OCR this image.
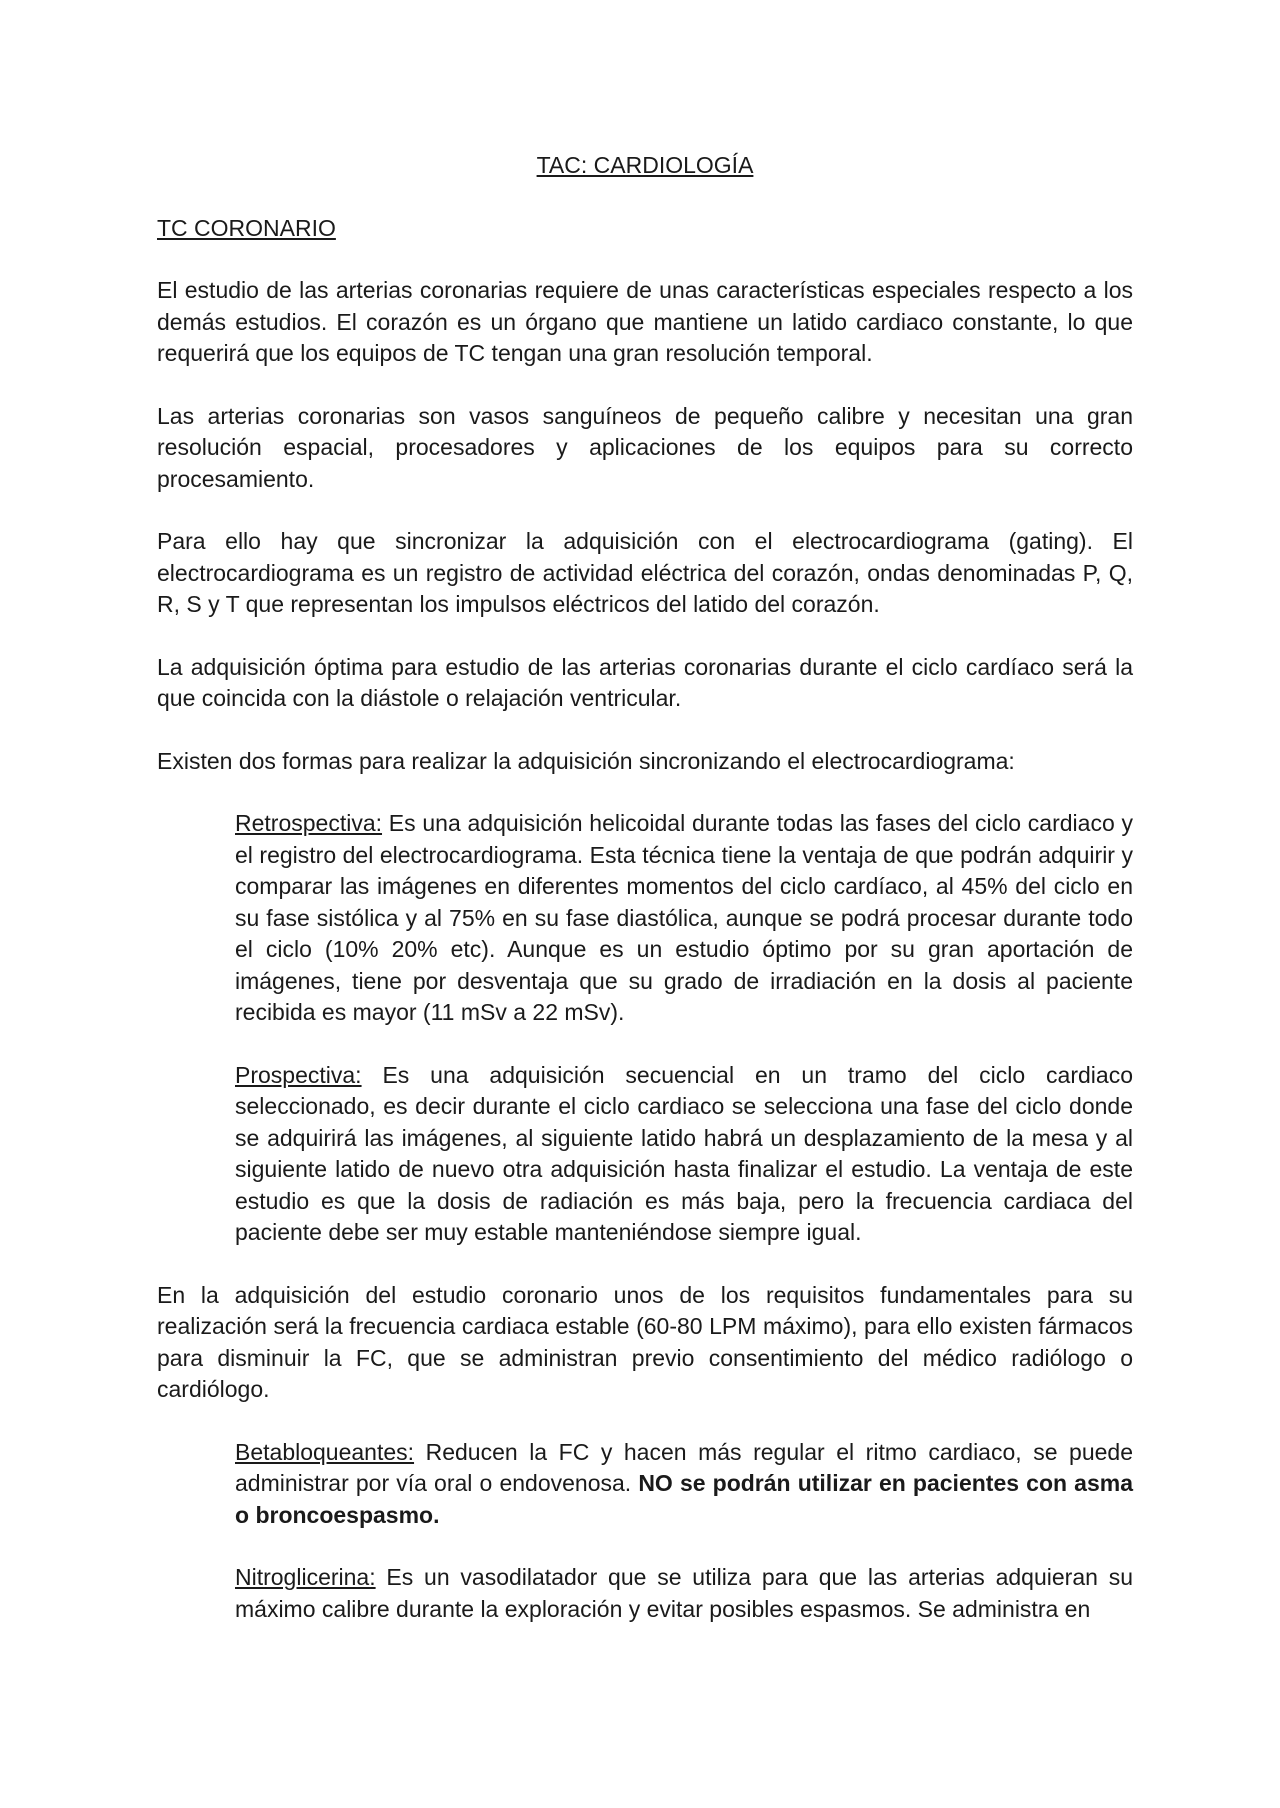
TAC: CARDIOLOGÍA
TC CORONARIO

El estudio de las arterias coronarias requiere de unas características especiales respecto a los demás estudios. El corazón es un órgano que mantiene un latido cardiaco constante, lo que requerirá que los equipos de TC tengan una gran resolución temporal.

Las arterias coronarias son vasos sanguíneos de pequeño calibre y necesitan una gran resolución espacial, procesadores y aplicaciones de los equipos para su correcto procesamiento.

Para ello hay que sincronizar la adquisición con el electrocardiograma (gating). El electrocardiograma es un registro de actividad eléctrica del corazón, ondas denominadas P, Q, R, S y T que representan los impulsos eléctricos del latido del corazón.

La adquisición óptima para estudio de las arterias coronarias durante el ciclo cardíaco será la que coincida con la diástole o relajación ventricular.

Existen dos formas para realizar la adquisición sincronizando el electrocardiograma:

Retrospectiva: Es una adquisición helicoidal durante todas las fases del ciclo cardiaco y el registro del electrocardiograma. Esta técnica tiene la ventaja de que podrán adquirir y comparar las imágenes en diferentes momentos del ciclo cardíaco, al 45% del ciclo en su fase sistólica y al 75% en su fase diastólica, aunque se podrá procesar durante todo el ciclo (10% 20% etc). Aunque es un estudio óptimo por su gran aportación de imágenes, tiene por desventaja que su grado de irradiación en la dosis al paciente recibida es mayor (11 mSv a 22 mSv).

Prospectiva: Es una adquisición secuencial en un tramo del ciclo cardiaco seleccionado, es decir durante el ciclo cardiaco se selecciona una fase del ciclo donde se adquirirá las imágenes, al siguiente latido habrá un desplazamiento de la mesa y al siguiente latido de nuevo otra adquisición hasta finalizar el estudio. La ventaja de este estudio es que la dosis de radiación es más baja, pero la frecuencia cardiaca del paciente debe ser muy estable manteniéndose siempre igual.

En la adquisición del estudio coronario unos de los requisitos fundamentales para su realización será la frecuencia cardiaca estable (60-80 LPM máximo), para ello existen fármacos para disminuir la FC, que se administran previo consentimiento del médico radiólogo o cardiólogo.

Betabloqueantes: Reducen la FC y hacen más regular el ritmo cardiaco, se puede administrar por vía oral o endovenosa. NO se podrán utilizar en pacientes con asma o broncoespasmo.

Nitroglicerina: Es un vasodilatador que se utiliza para que las arterias adquieran su máximo calibre durante la exploración y evitar posibles espasmos. Se administra en
